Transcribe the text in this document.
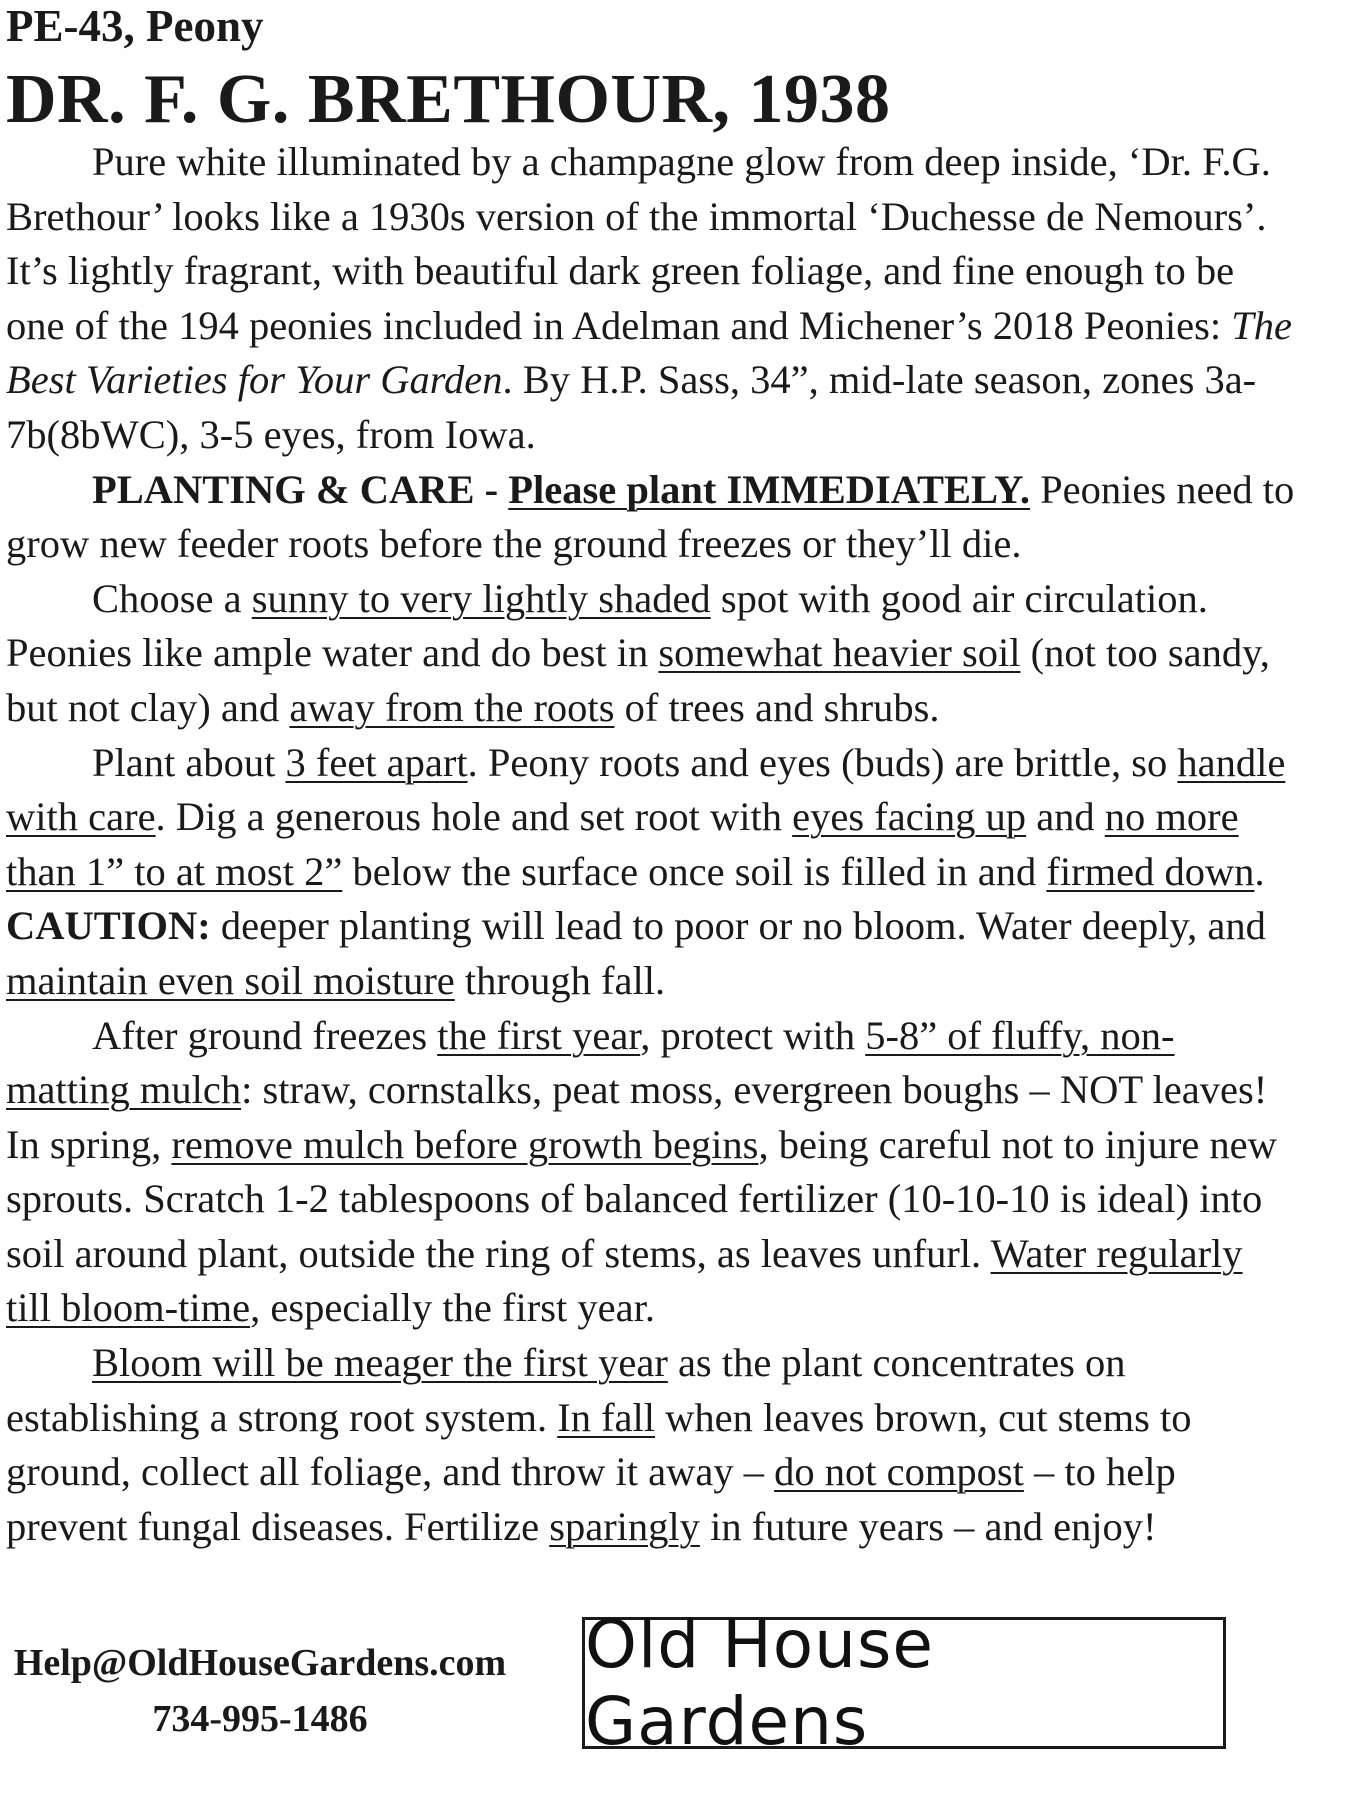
PE-43, Peony
DR. F. G. BRETHOUR, 1938

Pure white illuminated by a champagne glow from deep inside, ‘Dr. F.G. Brethour’ looks like a 1930s version of the immortal ‘Duchesse de Nemours’. It’s lightly fragrant, with beautiful dark green foliage, and fine enough to be one of the 194 peonies included in Adelman and Michener’s 2018 Peonies: The Best Varieties for Your Garden. By H.P. Sass, 34”, mid-late season, zones 3a-7b(8bWC), 3-5 eyes, from Iowa.

PLANTING & CARE - Please plant IMMEDIATELY. Peonies need to grow new feeder roots before the ground freezes or they’ll die.

Choose a sunny to very lightly shaded spot with good air circulation. Peonies like ample water and do best in somewhat heavier soil (not too sandy, but not clay) and away from the roots of trees and shrubs.

Plant about 3 feet apart. Peony roots and eyes (buds) are brittle, so handle with care. Dig a generous hole and set root with eyes facing up and no more than 1” to at most 2” below the surface once soil is filled in and firmed down. CAUTION: deeper planting will lead to poor or no bloom. Water deeply, and maintain even soil moisture through fall.

After ground freezes the first year, protect with 5-8” of fluffy, non-matting mulch: straw, cornstalks, peat moss, evergreen boughs – NOT leaves! In spring, remove mulch before growth begins, being careful not to injure new sprouts. Scratch 1-2 tablespoons of balanced fertilizer (10-10-10 is ideal) into soil around plant, outside the ring of stems, as leaves unfurl. Water regularly till bloom-time, especially the first year.

Bloom will be meager the first year as the plant concentrates on establishing a strong root system. In fall when leaves brown, cut stems to ground, collect all foliage, and throw it away – do not compost – to help prevent fungal diseases. Fertilize sparingly in future years – and enjoy!

Help@OldHouseGardens.com
734-995-1486
Old House Gardens
